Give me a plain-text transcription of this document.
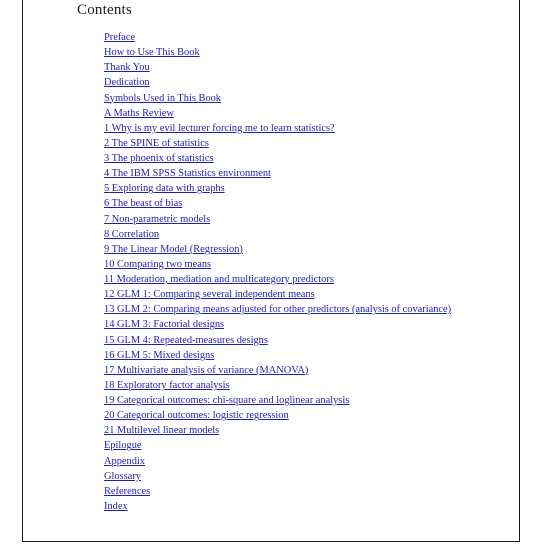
Contents
Preface
How to Use This Book
Thank You
Dedication
Symbols Used in This Book
A Maths Review
1 Why is my evil lecturer forcing me to learn statistics?
2 The SPINE of statistics
3 The phoenix of statistics
4 The IBM SPSS Statistics environment
5 Exploring data with graphs
6 The beast of bias
7 Non-parametric models
8 Correlation
9 The Linear Model (Regression)
10 Comparing two means
11 Moderation, mediation and multicategory predictors
12 GLM 1: Comparing several independent means
13 GLM 2: Comparing means adjusted for other predictors (analysis of covariance)
14 GLM 3: Factorial designs
15 GLM 4: Repeated-measures designs
16 GLM 5: Mixed designs
17 Multivariate analysis of variance (MANOVA)
18 Exploratory factor analysis
19 Categorical outcomes: chi-square and loglinear analysis
20 Categorical outcomes: logistic regression
21 Multilevel linear models
Epilogue
Appendix
Glossary
References
Index
